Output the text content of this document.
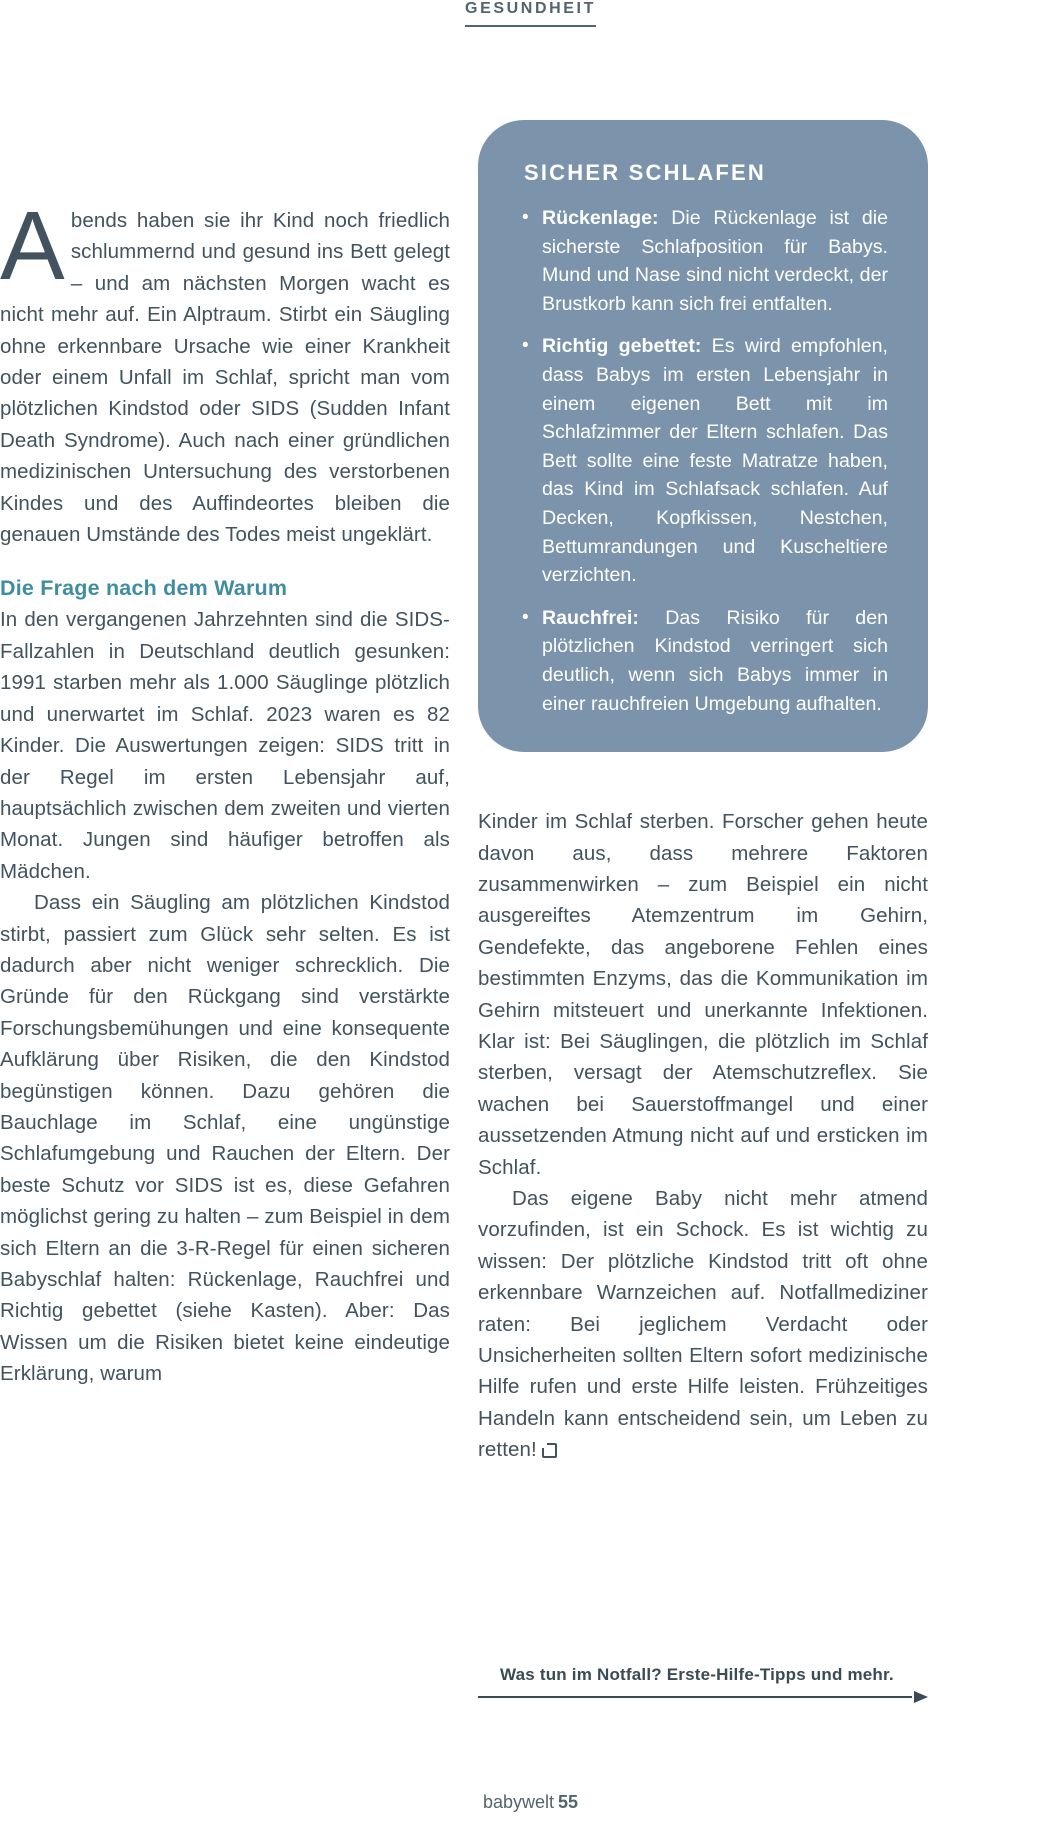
GESUNDHEIT

Abends haben sie ihr Kind noch friedlich schlummernd und gesund ins Bett gelegt – und am nächsten Morgen wacht es nicht mehr auf. Ein Alptraum. Stirbt ein Säugling ohne erkennbare Ursache wie einer Krankheit oder einem Unfall im Schlaf, spricht man vom plötzlichen Kindstod oder SIDS (Sudden Infant Death Syndrome). Auch nach einer gründlichen medizinischen Untersuchung des verstorbenen Kindes und des Auffindeortes bleiben die genauen Umstände des Todes meist ungeklärt.

Die Frage nach dem Warum

In den vergangenen Jahrzehnten sind die SIDS-Fallzahlen in Deutschland deutlich gesunken: 1991 starben mehr als 1.000 Säuglinge plötzlich und unerwartet im Schlaf. 2023 waren es 82 Kinder. Die Auswertungen zeigen: SIDS tritt in der Regel im ersten Lebensjahr auf, hauptsächlich zwischen dem zweiten und vierten Monat. Jungen sind häufiger betroffen als Mädchen.

Dass ein Säugling am plötzlichen Kindstod stirbt, passiert zum Glück sehr selten. Es ist dadurch aber nicht weniger schrecklich. Die Gründe für den Rückgang sind verstärkte Forschungsbemühungen und eine konsequente Aufklärung über Risiken, die den Kindstod begünstigen können. Dazu gehören die Bauchlage im Schlaf, eine ungünstige Schlafumgebung und Rauchen der Eltern. Der beste Schutz vor SIDS ist es, diese Gefahren möglichst gering zu halten – zum Beispiel in dem sich Eltern an die 3-R-Regel für einen sicheren Babyschlaf halten: Rückenlage, Rauchfrei und Richtig gebettet (siehe Kasten). Aber: Das Wissen um die Risiken bietet keine eindeutige Erklärung, warum

SICHER SCHLAFEN
• Rückenlage: Die Rückenlage ist die sicherste Schlafposition für Babys. Mund und Nase sind nicht verdeckt, der Brustkorb kann sich frei entfalten.
• Richtig gebettet: Es wird empfohlen, dass Babys im ersten Lebensjahr in einem eigenen Bett mit im Schlafzimmer der Eltern schlafen. Das Bett sollte eine feste Matratze haben, das Kind im Schlafsack schlafen. Auf Decken, Kopfkissen, Nestchen, Bettumrandungen und Kuscheltiere verzichten.
• Rauchfrei: Das Risiko für den plötzlichen Kindstod verringert sich deutlich, wenn sich Babys immer in einer rauchfreien Umgebung aufhalten.

Kinder im Schlaf sterben. Forscher gehen heute davon aus, dass mehrere Faktoren zusammenwirken – zum Beispiel ein nicht ausgereiftes Atemzentrum im Gehirn, Gendefekte, das angeborene Fehlen eines bestimmten Enzyms, das die Kommunikation im Gehirn mitsteuert und unerkannte Infektionen. Klar ist: Bei Säuglingen, die plötzlich im Schlaf sterben, versagt der Atemschutzreflex. Sie wachen bei Sauerstoffmangel und einer aussetzenden Atmung nicht auf und ersticken im Schlaf.

Das eigene Baby nicht mehr atmend vorzufinden, ist ein Schock. Es ist wichtig zu wissen: Der plötzliche Kindstod tritt oft ohne erkennbare Warnzeichen auf. Notfallmediziner raten: Bei jeglichem Verdacht oder Unsicherheiten sollten Eltern sofort medizinische Hilfe rufen und erste Hilfe leisten. Frühzeitiges Handeln kann entscheidend sein, um Leben zu retten!

Was tun im Notfall? Erste-Hilfe-Tipps und mehr.
babywelt 55
